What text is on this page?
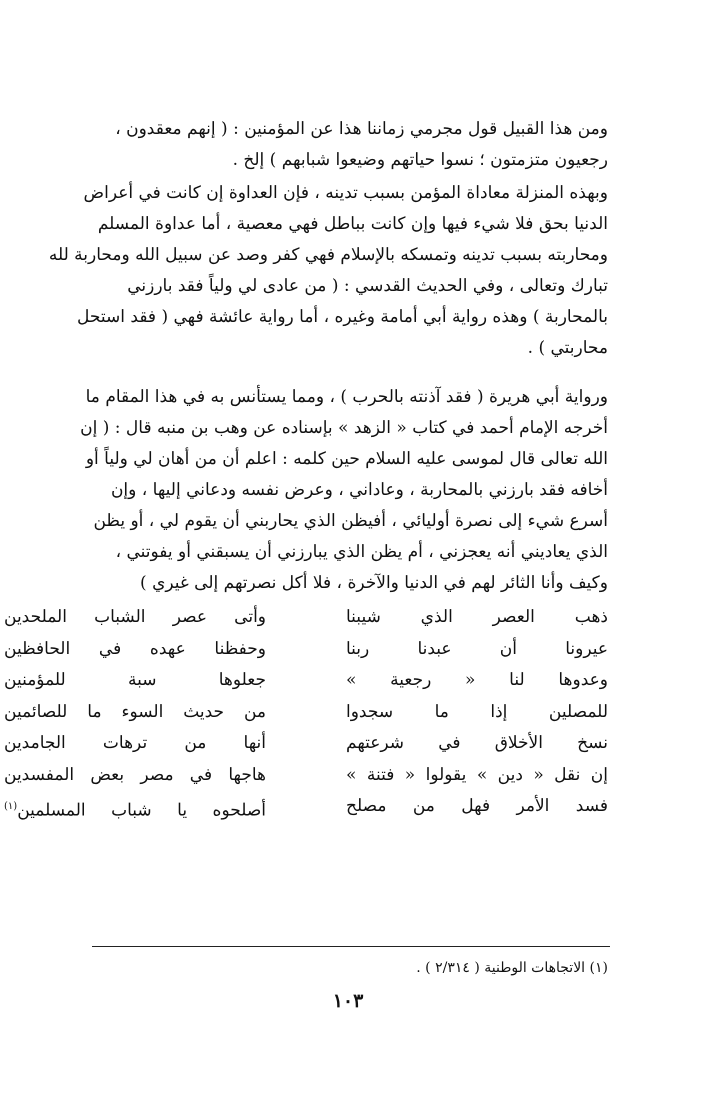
ومن هذا القبيل قول مجرمي زماننا هذا عن المؤمنين : ( إنهم معقدون ،
رجعيون متزمتون ؛ نسوا حياتهم وضيعوا شبابهم ) إلخ .

وبهذه المنزلة معاداة المؤمن بسبب تدينه ، فإن العداوة إن كانت في أعراض
الدنيا بحق فلا شيء فيها وإن كانت بباطل فهي معصية ، أما عداوة المسلم
ومحاربته بسبب تدينه وتمسكه بالإسلام فهي كفر وصد عن سبيل الله ومحاربة لله
تبارك وتعالى ، وفي الحديث القدسي : ( من عادى لي ولياً فقد بارزني
بالمحاربة ) وهذه رواية أبي أمامة وغيره ، أما رواية عائشة فهي ( فقد استحل
محاربتي ) .

ورواية أبي هريرة ( فقد آذنته بالحرب ) ، ومما يستأنس به في هذا المقام ما
أخرجه الإمام أحمد في كتاب « الزهد » بإسناده عن وهب بن منبه قال : ( إن
الله تعالى قال لموسى عليه السلام حين كلمه : اعلم أن من أهان لي ولياً أو
أخافه فقد بارزني بالمحاربة ، وعاداني ، وعرض نفسه ودعاني إليها ، وإن
أسرع شيء إلى نصرة أوليائي ، أفيظن الذي يحاربني أن يقوم لي ، أو يظن
الذي يعاديني أنه يعجزني ، أم يظن الذي يبارزني أن يسبقني أو يفوتني ،
وكيف وأنا الثائر لهم في الدنيا والآخرة ، فلا أكل نصرتهم إلى غيري )

ذهب العصر الذي شيبنا
عيرونا أن عبدنا ربنا
وعدوها لنا « رجعية »
للمصلين إذا ما سجدوا
نسخ الأخلاق في شرعتهم
إن نقل « دين » يقولوا « فتنة »
فسد الأمر فهل من مصلح
وأتى عصر الشباب الملحدين
وحفظنا عهده في الحافظين
جعلوها سبة للمؤمنين
من حديث السوء ما للصائمين
أنها من ترهات الجامدين
هاجها في مصر بعض المفسدين
أصلحوه يا شباب المسلمين$^{(١)}$
(١) الاتجاهات الوطنية ( ٢/٣١٤ ) .
١٠٣
